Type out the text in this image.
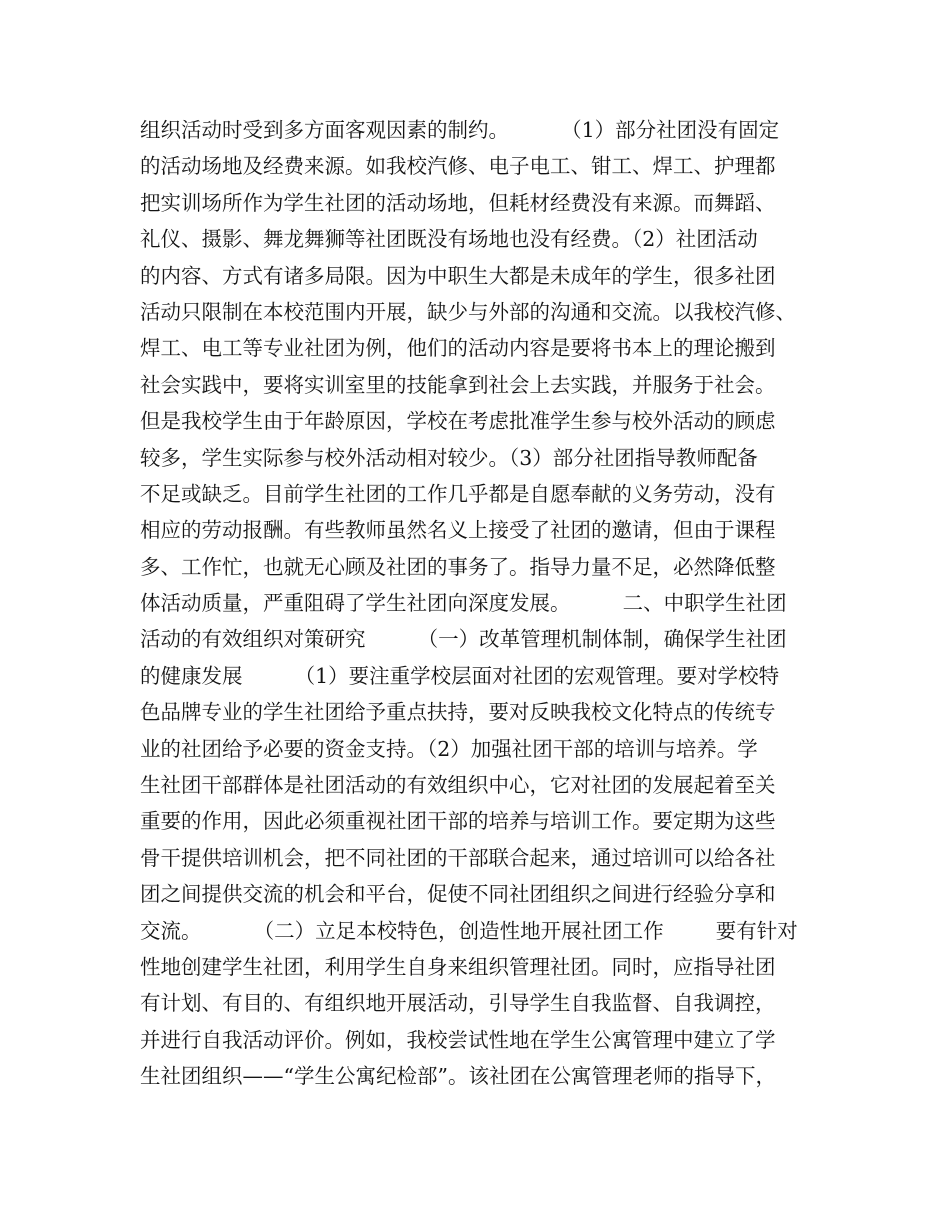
组织活动时受到多方面客观因素的制约。        （1）部分社团没有固定
的活动场地及经费来源。如我校汽修、电子电工、钳工、焊工、护理都
把实训场所作为学生社团的活动场地，但耗材经费没有来源。而舞蹈、
礼仪、摄影、舞龙舞狮等社团既没有场地也没有经费。（2）社团活动
的内容、方式有诸多局限。因为中职生大都是未成年的学生，很多社团
活动只限制在本校范围内开展，缺少与外部的沟通和交流。以我校汽修、
焊工、电工等专业社团为例，他们的活动内容是要将书本上的理论搬到
社会实践中，要将实训室里的技能拿到社会上去实践，并服务于社会。
但是我校学生由于年龄原因，学校在考虑批准学生参与校外活动的顾虑
较多，学生实际参与校外活动相对较少。（3）部分社团指导教师配备
不足或缺乏。目前学生社团的工作几乎都是自愿奉献的义务劳动，没有
相应的劳动报酬。有些教师虽然名义上接受了社团的邀请，但由于课程
多、工作忙，也就无心顾及社团的事务了。指导力量不足，必然降低整
体活动质量，严重阻碍了学生社团向深度发展。        二、中职学生社团
活动的有效组织对策研究        （一）改革管理机制体制，确保学生社团
的健康发展        （1）要注重学校层面对社团的宏观管理。要对学校特
色品牌专业的学生社团给予重点扶持，要对反映我校文化特点的传统专
业的社团给予必要的资金支持。（2）加强社团干部的培训与培养。学
生社团干部群体是社团活动的有效组织中心，它对社团的发展起着至关
重要的作用，因此必须重视社团干部的培养与培训工作。要定期为这些
骨干提供培训机会，把不同社团的干部联合起来，通过培训可以给各社
团之间提供交流的机会和平台，促使不同社团组织之间进行经验分享和
交流。        （二）立足本校特色，创造性地开展社团工作        要有针对
性地创建学生社团，利用学生自身来组织管理社团。同时，应指导社团
有计划、有目的、有组织地开展活动，引导学生自我监督、自我调控，
并进行自我活动评价。例如，我校尝试性地在学生公寓管理中建立了学
生社团组织——“学生公寓纪检部”。该社团在公寓管理老师的指导下，
